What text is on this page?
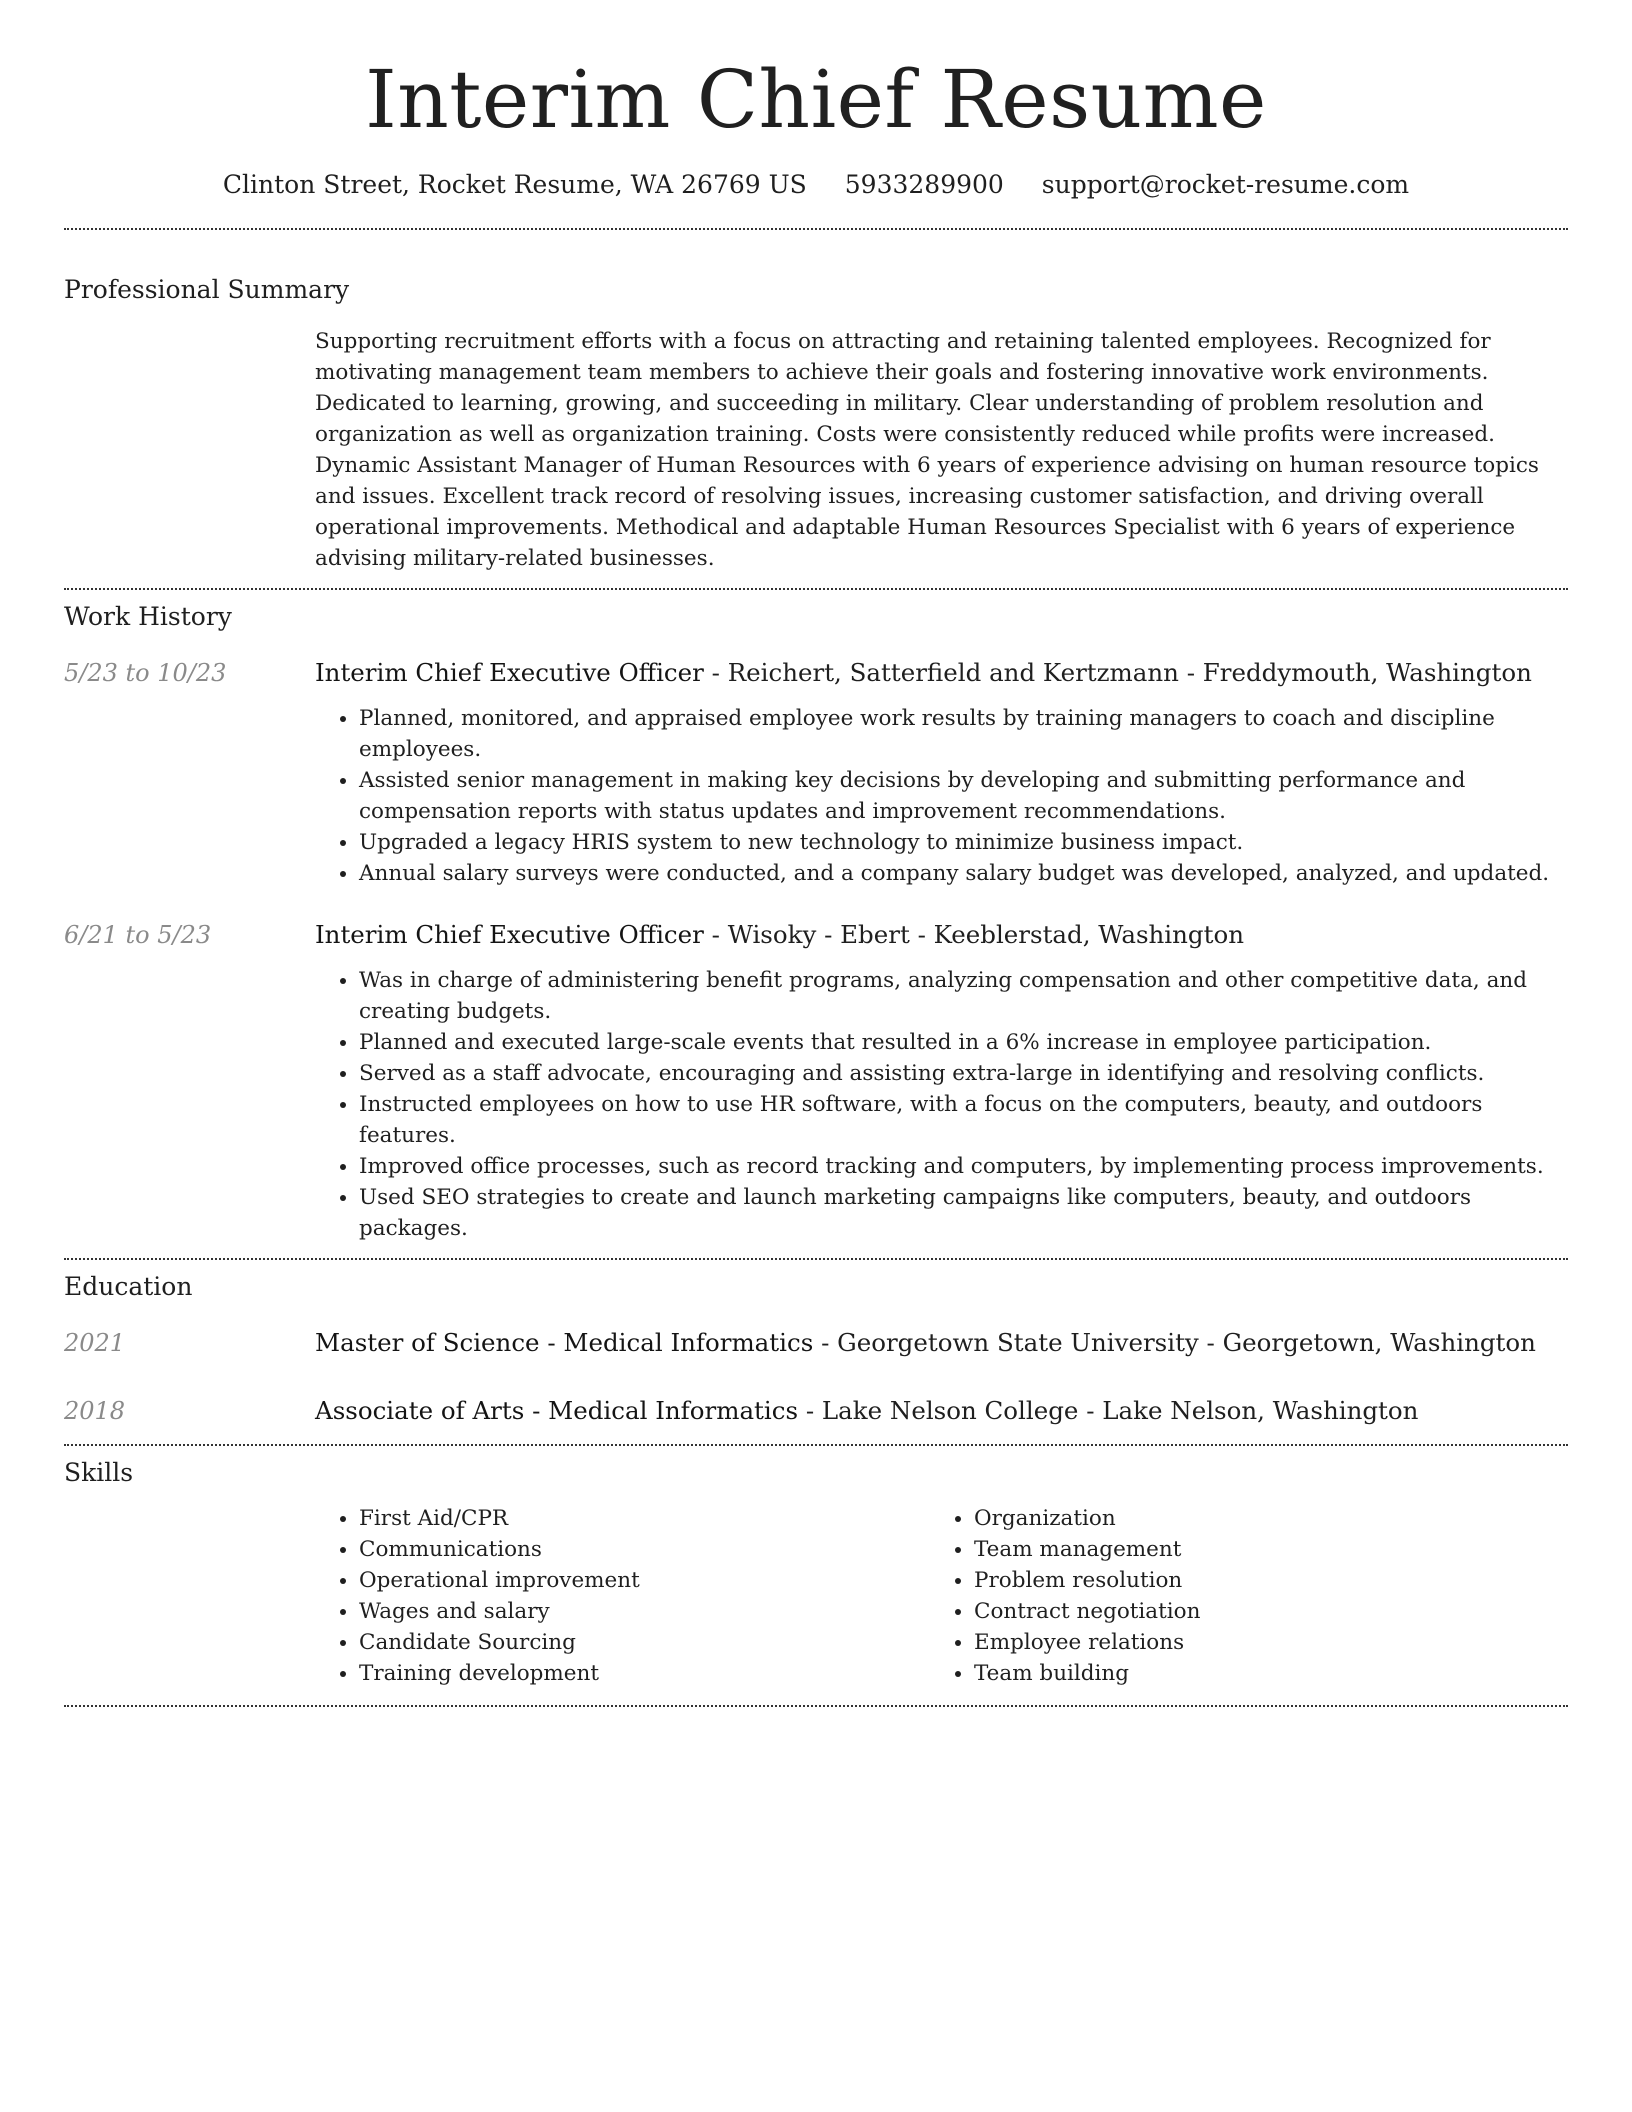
Interim Chief Resume
Clinton Street, Rocket Resume, WA 26769 US 5933289900 support@rocket-resume.com
Professional Summary

Supporting recruitment efforts with a focus on attracting and retaining talented employees. Recognized for motivating management team members to achieve their goals and fostering innovative work environments. Dedicated to learning, growing, and succeeding in military. Clear understanding of problem resolution and organization as well as organization training. Costs were consistently reduced while profits were increased. Dynamic Assistant Manager of Human Resources with 6 years of experience advising on human resource topics and issues. Excellent track record of resolving issues, increasing customer satisfaction, and driving overall operational improvements. Methodical and adaptable Human Resources Specialist with 6 years of experience advising military-related businesses.

Work History
5/23 to 10/23	Interim Chief Executive Officer - Reichert, Satterfield and Kertzmann - Freddymouth, Washington
• Planned, monitored, and appraised employee work results by training managers to coach and discipline employees.
• Assisted senior management in making key decisions by developing and submitting performance and compensation reports with status updates and improvement recommendations.
• Upgraded a legacy HRIS system to new technology to minimize business impact.
• Annual salary surveys were conducted, and a company salary budget was developed, analyzed, and updated.
6/21 to 5/23	Interim Chief Executive Officer - Wisoky - Ebert - Keeblerstad, Washington
• Was in charge of administering benefit programs, analyzing compensation and other competitive data, and creating budgets.
• Planned and executed large-scale events that resulted in a 6% increase in employee participation.
• Served as a staff advocate, encouraging and assisting extra-large in identifying and resolving conflicts.
• Instructed employees on how to use HR software, with a focus on the computers, beauty, and outdoors features.
• Improved office processes, such as record tracking and computers, by implementing process improvements.
• Used SEO strategies to create and launch marketing campaigns like computers, beauty, and outdoors packages.
Education
2021	Master of Science - Medical Informatics - Georgetown State University - Georgetown, Washington
2018	Associate of Arts - Medical Informatics - Lake Nelson College - Lake Nelson, Washington
Skills
• First Aid/CPR
• Communications
• Operational improvement
• Wages and salary
• Candidate Sourcing
• Training development
• Organization
• Team management
• Problem resolution
• Contract negotiation
• Employee relations
• Team building
